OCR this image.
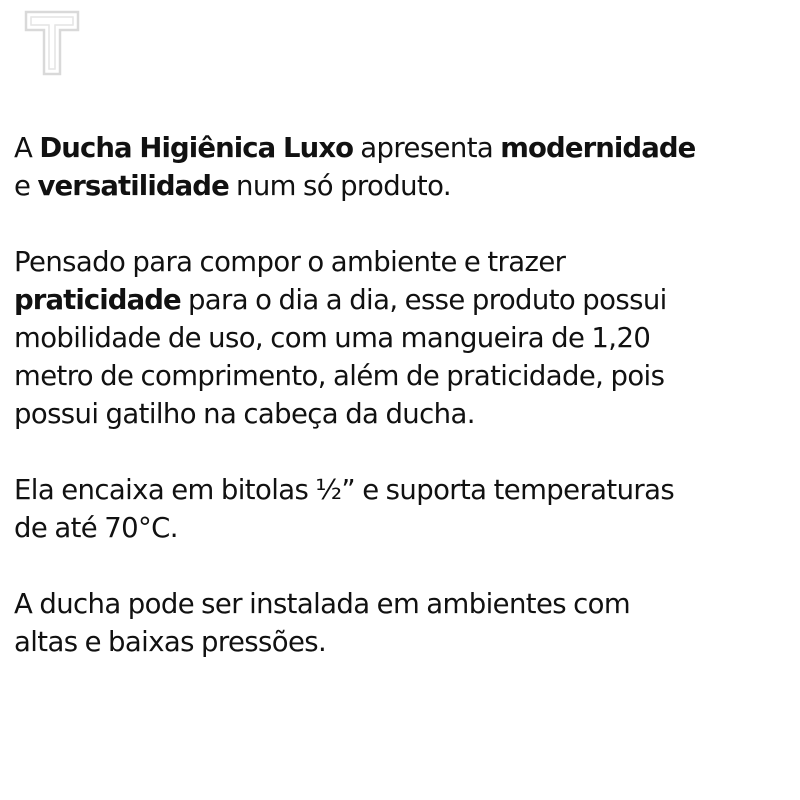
A Ducha Higiênica Luxo apresenta modernidade
e versatilidade num só produto.

Pensado para compor o ambiente e trazer
praticidade para o dia a dia, esse produto possui
mobilidade de uso, com uma mangueira de 1,20
metro de comprimento, além de praticidade, pois
possui gatilho na cabeça da ducha.

Ela encaixa em bitolas ½” e suporta temperaturas
de até 70°C.

A ducha pode ser instalada em ambientes com
altas e baixas pressões.
